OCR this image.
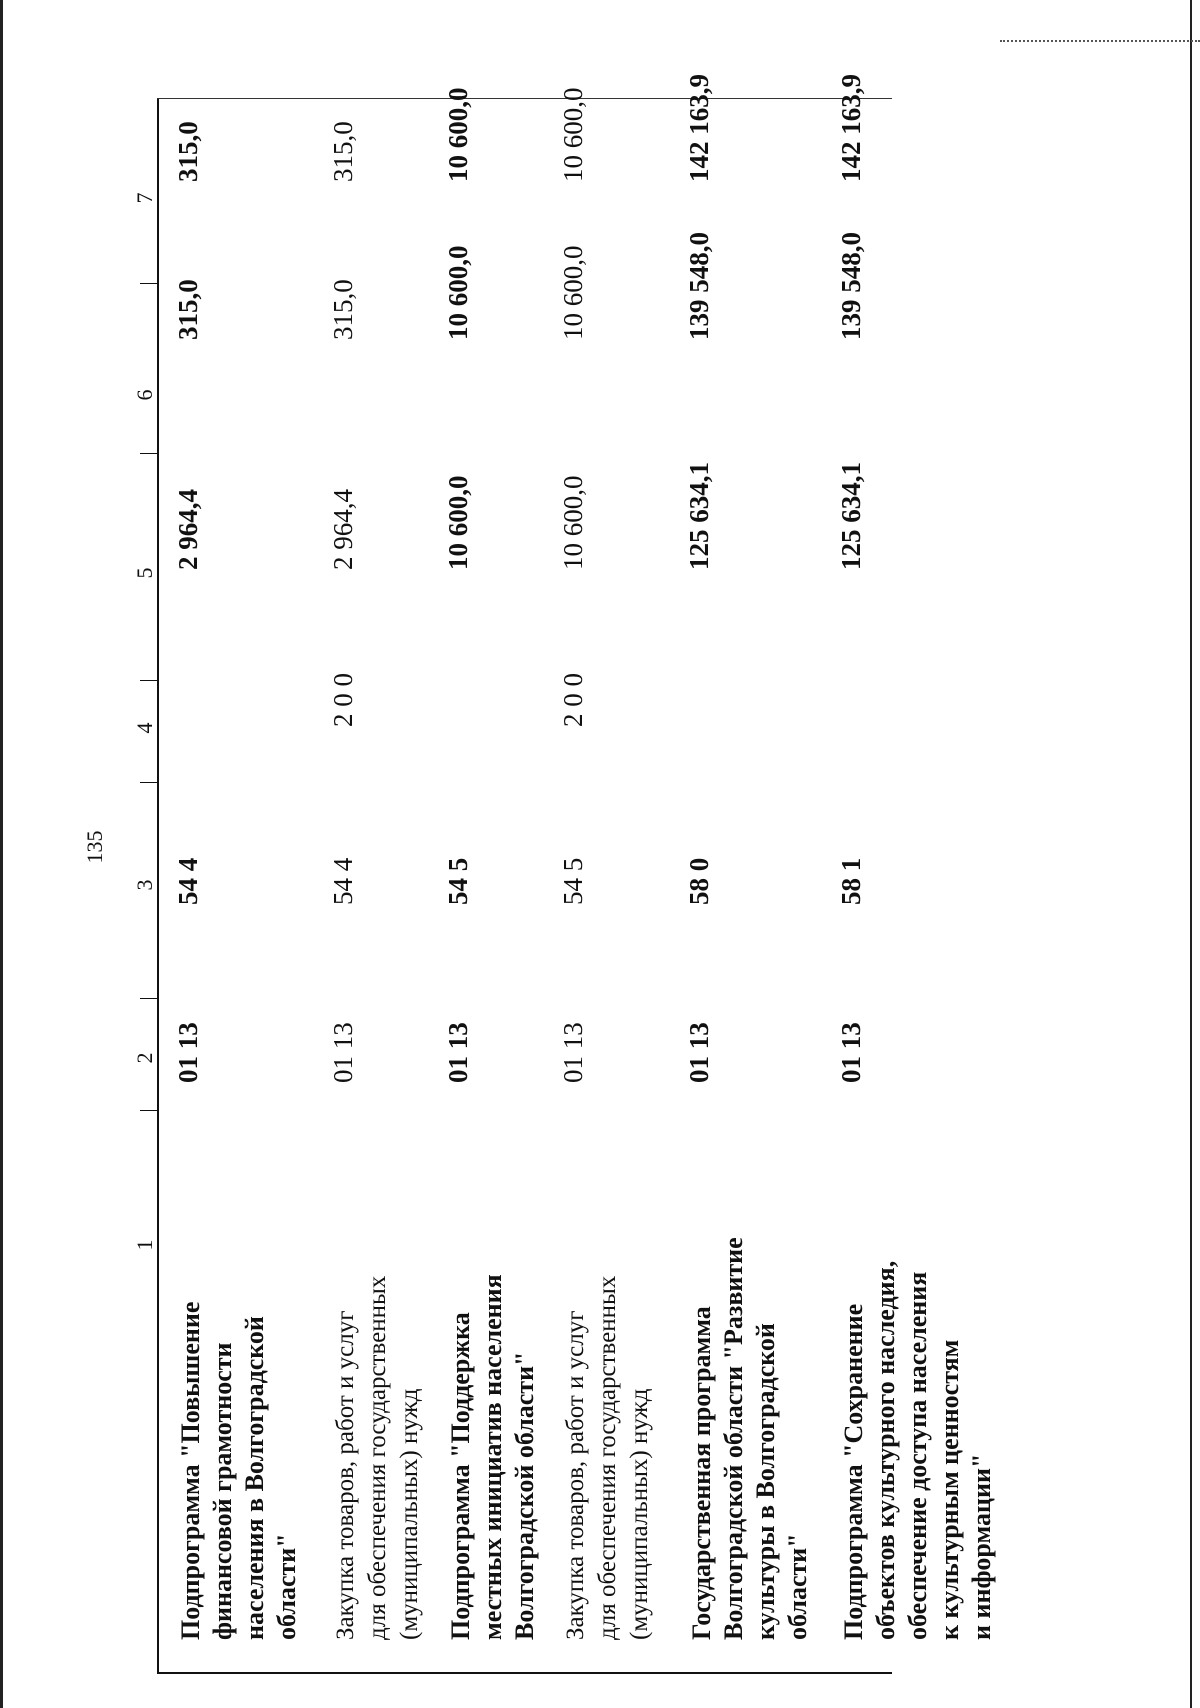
135
7
6
5
4
3
2
1
Подпрограмма "Повышение финансовой грамотности населения в Волгоградской области"
01 13
54 4
2 964,4
315,0
315,0
Закупка товаров, работ и услуг для обеспечения государственных (муниципальных) нужд
01 13
54 4
2 0 0
2 964,4
315,0
315,0
Подпрограмма "Поддержка местных инициатив населения Волгоградской области"
01 13
54 5
10 600,0
10 600,0
10 600,0
Закупка товаров, работ и услуг для обеспечения государственных (муниципальных) нужд
01 13
54 5
2 0 0
10 600,0
10 600,0
10 600,0
Государственная программа Волгоградской области "Развитие культуры в Волгоградской области"
01 13
58 0
125 634,1
139 548,0
142 163,9
Подпрограмма "Сохранение объектов культурного наследия, обеспечение доступа населения к культурным ценностям и информации"
01 13
58 1
125 634,1
139 548,0
142 163,9
